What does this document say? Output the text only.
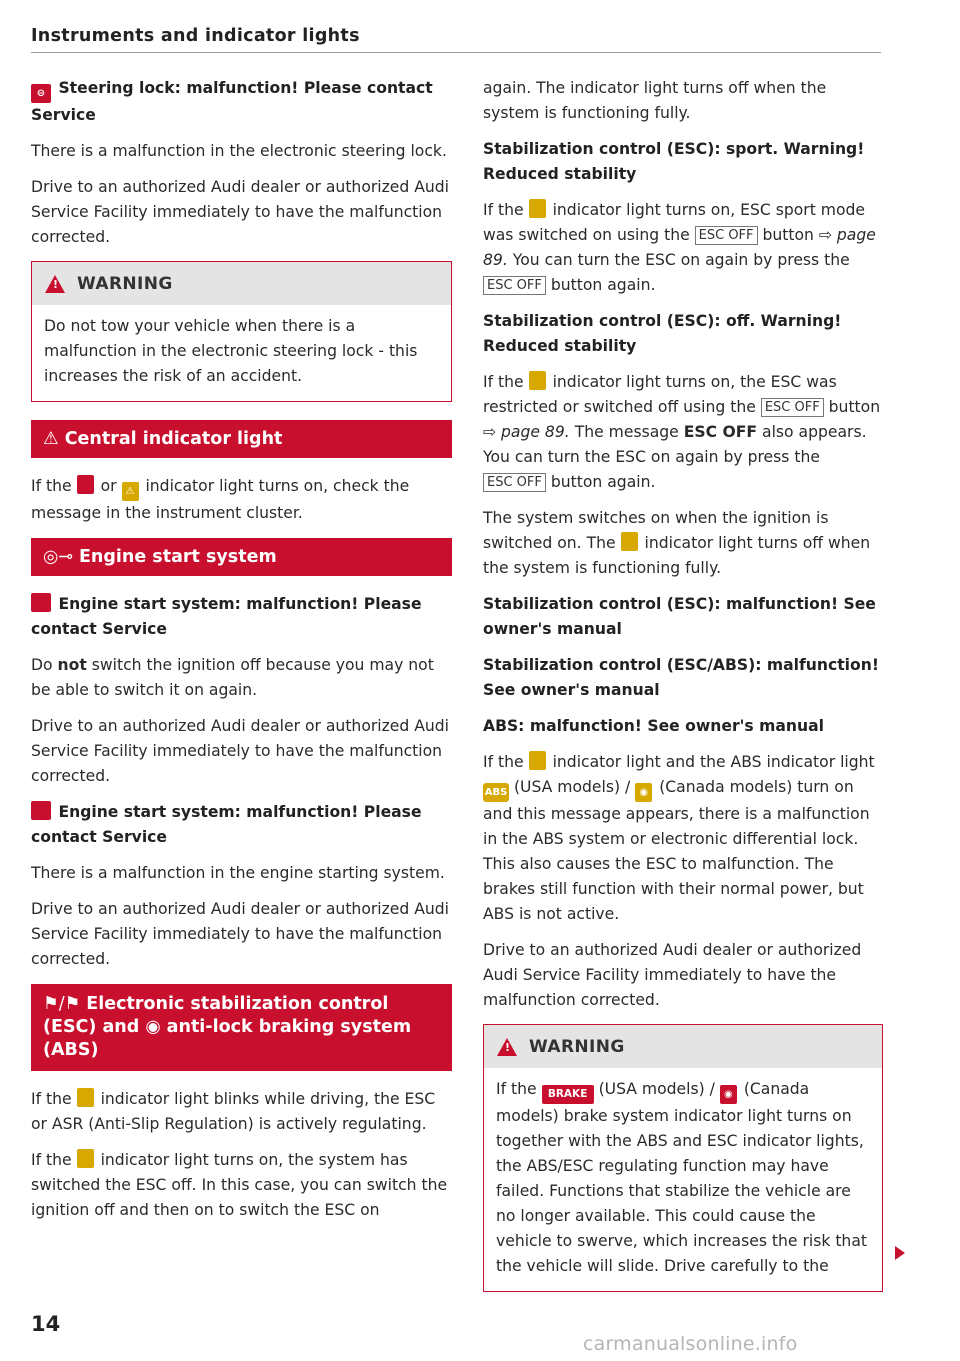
Instruments and indicator lights
⊖ Steering lock: malfunction! Please contact Service

There is a malfunction in the electronic steering lock.

Drive to an authorized Audi dealer or authorized Audi Service Facility immediately to have the malfunction corrected.

!
WARNING

Do not tow your vehicle when there is a malfunction in the electronic steering lock - this increases the risk of an accident.

⚠ Central indicator light

If the or ⚠ indicator light turns on, check the message in the instrument cluster.

◎⊸ Engine start system
Engine start system: malfunction! Please contact Service

Do not switch the ignition off because you may not be able to switch it on again.

Drive to an authorized Audi dealer or authorized Audi Service Facility immediately to have the malfunction corrected.

Engine start system: malfunction! Please contact Service

There is a malfunction in the engine starting system.

Drive to an authorized Audi dealer or authorized Audi Service Facility immediately to have the malfunction corrected.

⚑/⚑ Electronic stabilization control (ESC) and ◉ anti-lock braking system (ABS)

If the indicator light blinks while driving, the ESC or ASR (Anti-Slip Regulation) is actively regulating.

If the indicator light turns on, the system has switched the ESC off. In this case, you can switch the ignition off and then on to switch the ESC on

again. The indicator light turns off when the system is functioning fully.

Stabilization control (ESC): sport. Warning! Reduced stability

If the indicator light turns on, ESC sport mode was switched on using the ESC OFF button ⇨ page 89. You can turn the ESC on again by press the ESC OFF button again.

Stabilization control (ESC): off. Warning! Reduced stability

If the indicator light turns on, the ESC was restricted or switched off using the ESC OFF button ⇨ page 89. The message ESC OFF also appears. You can turn the ESC on again by press the ESC OFF button again.

The system switches on when the ignition is switched on. The indicator light turns off when the system is functioning fully.

Stabilization control (ESC): malfunction! See owner's manual
Stabilization control (ESC/ABS): malfunction! See owner's manual
ABS: malfunction! See owner's manual

If the indicator light and the ABS indicator light ABS (USA models) / ◉ (Canada models) turn on and this message appears, there is a malfunction in the ABS system or electronic differential lock. This also causes the ESC to malfunction. The brakes still function with their normal power, but ABS is not active.

Drive to an authorized Audi dealer or authorized Audi Service Facility immediately to have the malfunction corrected.

!
WARNING

If the BRAKE (USA models) / ◉ (Canada models) brake system indicator light turns on together with the ABS and ESC indicator lights, the ABS/ESC regulating function may have failed. Functions that stabilize the vehicle are no longer available. This could cause the vehicle to swerve, which increases the risk that the vehicle will slide. Drive carefully to the

14
carmanualsonline.info
